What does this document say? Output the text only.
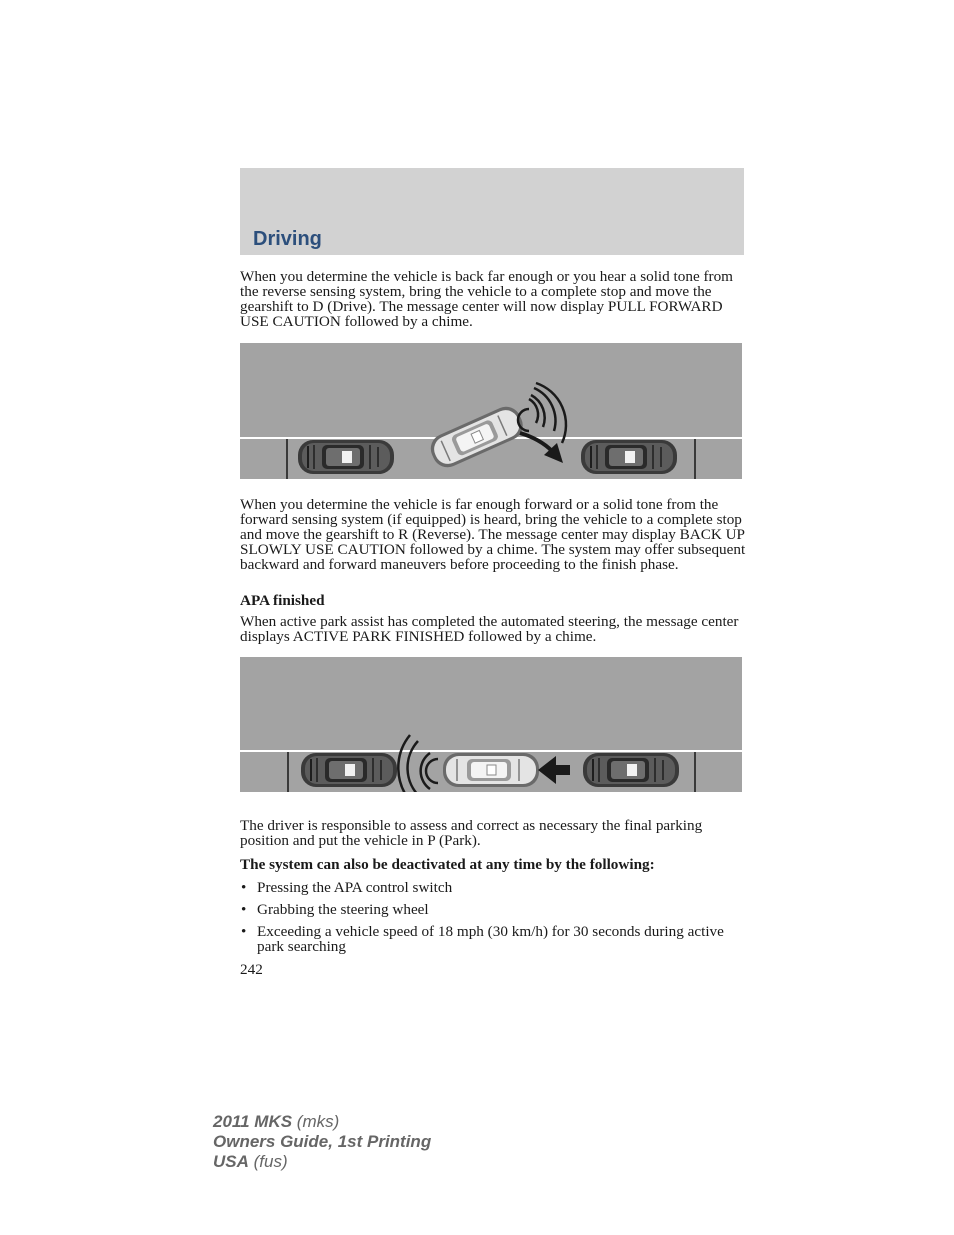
Driving

When you determine the vehicle is back far enough or you hear a solid tone from the reverse sensing system, bring the vehicle to a complete stop and move the gearshift to D (Drive). The message center will now display PULL FORWARD USE CAUTION followed by a chime.

When you determine the vehicle is far enough forward or a solid tone from the forward sensing system (if equipped) is heard, bring the vehicle to a complete stop and move the gearshift to R (Reverse). The message center may display BACK UP SLOWLY USE CAUTION followed by a chime. The system may offer subsequent backward and forward maneuvers before proceeding to the finish phase.

APA finished

When active park assist has completed the automated steering, the message center displays ACTIVE PARK FINISHED followed by a chime.

The driver is responsible to assess and correct as necessary the final parking position and put the vehicle in P (Park).

The system can also be deactivated at any time by the following:

• Pressing the APA control switch
• Grabbing the steering wheel
• Exceeding a vehicle speed of 18 mph (30 km/h) for 30 seconds during active park searching
242
2011 MKS (mks)
Owners Guide, 1st Printing
USA (fus)
